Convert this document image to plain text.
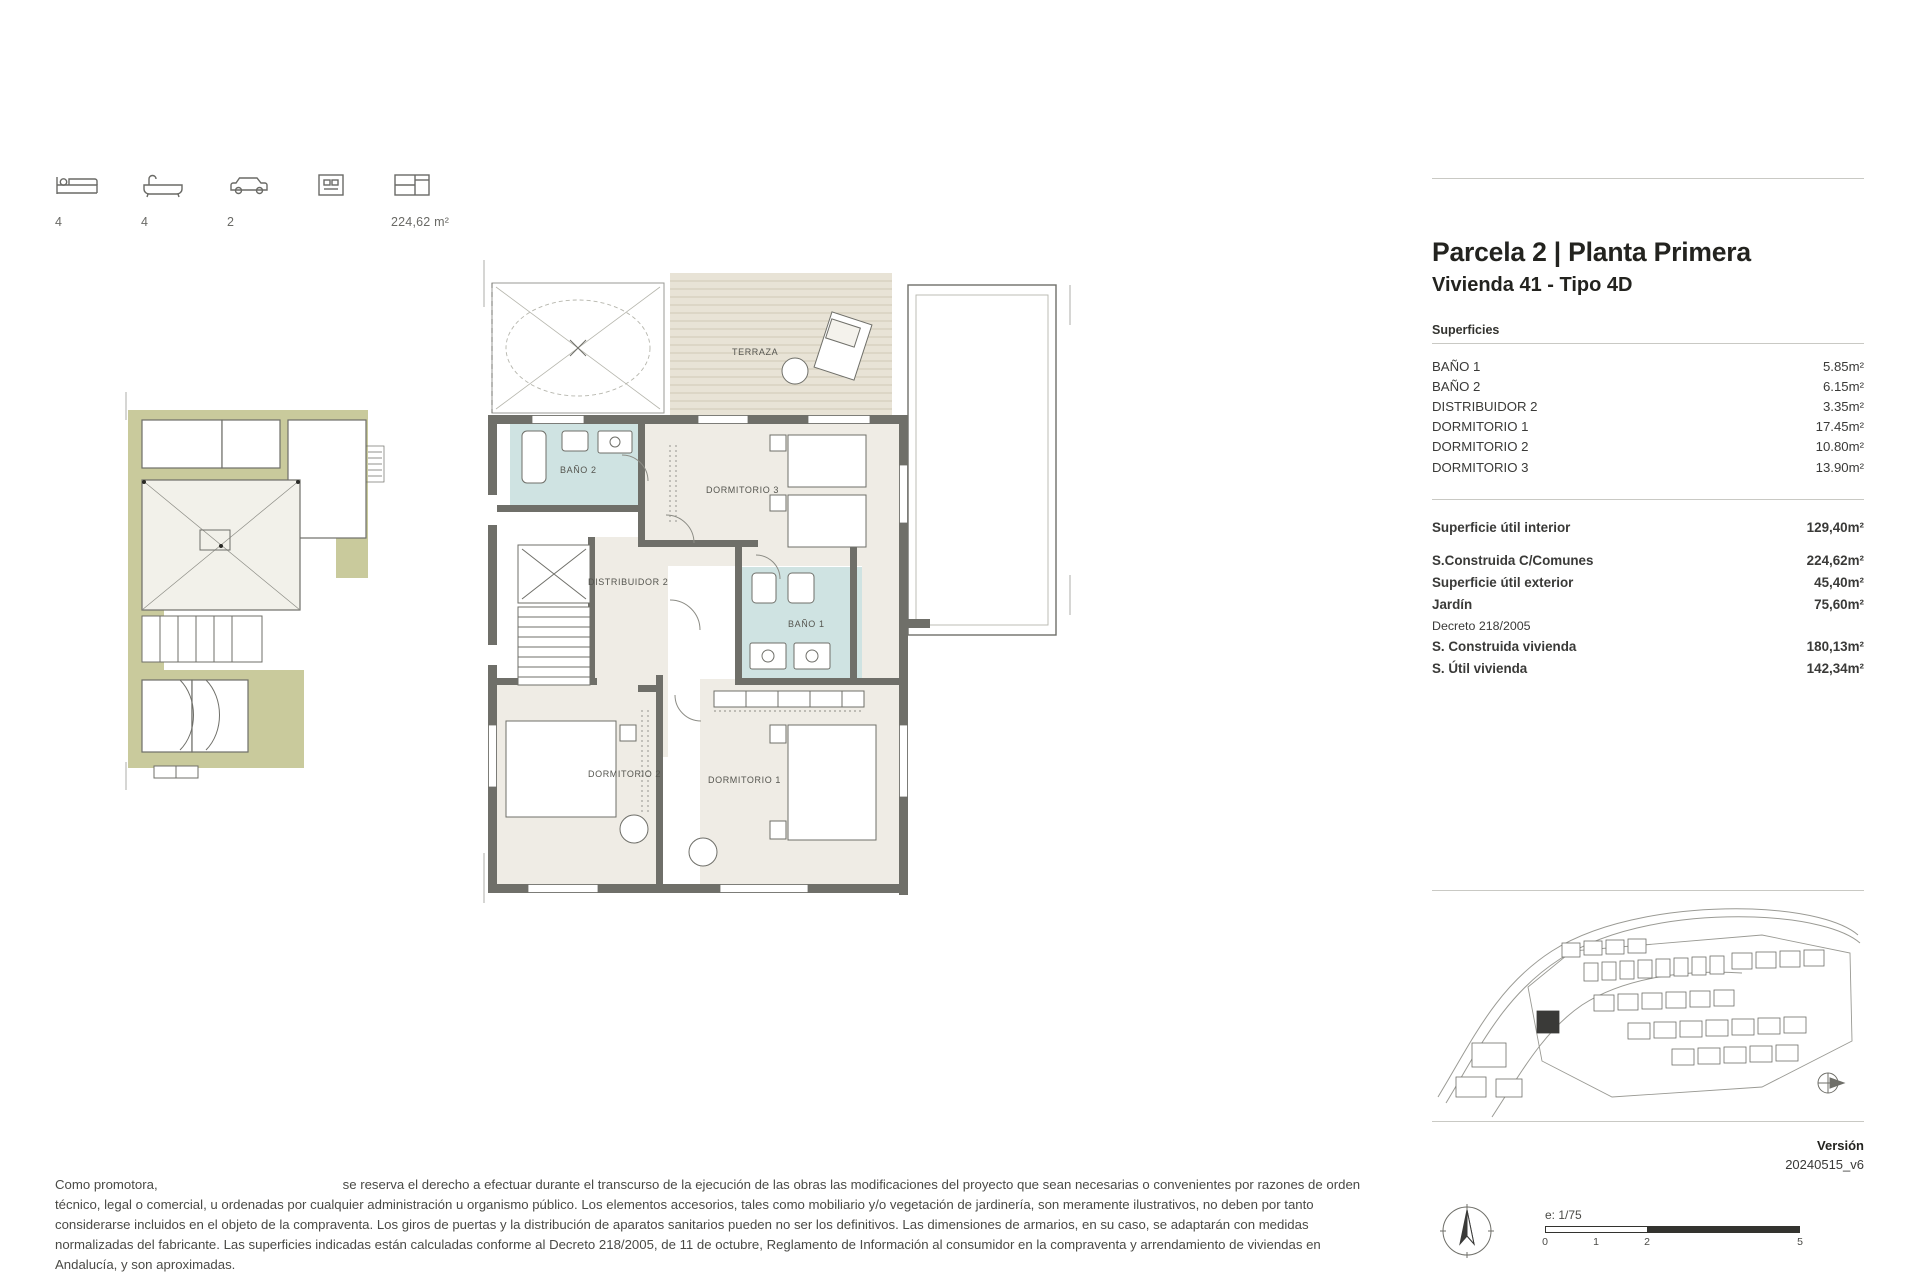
4	4	2	224,62 m²
TERRAZA
BAÑO 2
BAÑO 1
DORMITORIO 3
DORMITORIO 1
DORMITORIO 2
DISTRIBUIDOR 2
Parcela 2 | Planta Primera
Vivienda 41 - Tipo 4D
Superficies
BAÑO 1	5.85m²
BAÑO 2	6.15m²
DISTRIBUIDOR 2	3.35m²
DORMITORIO 1	17.45m²
DORMITORIO 2	10.80m²
DORMITORIO 3	13.90m²
Superficie útil interior	129,40m²

S.Construida C/Comunes	224,62m²
Superficie útil exterior	45,40m²
Jardín	75,60m²
Decreto 218/2005	
S. Construida vivienda	180,13m²
S. Útil vivienda	142,34m²
Versión
20240515_v6
e: 1/75
0	1	2	5
Como promotora,	se reserva el derecho a efectuar durante el transcurso de la ejecución de las obras las modificaciones del proyecto que sean necesarias o convenientes por razones de orden técnico, legal o comercial, u ordenadas por cualquier administración u organismo público. Los elementos accesorios, tales como mobiliario y/o vegetación de jardinería, son meramente ilustrativos, no deben por tanto considerarse incluidos en el objeto de la compraventa. Los giros de puertas y la distribución de aparatos sanitarios pueden no ser los definitivos. Las dimensiones de armarios, en su caso, se adaptarán con medidas normalizadas del fabricante. Las superficies indicadas están calculadas conforme al Decreto 218/2005, de 11 de octubre, Reglamento de Información al consumidor en la compraventa y arrendamiento de viviendas en Andalucía, y son aproximadas.
